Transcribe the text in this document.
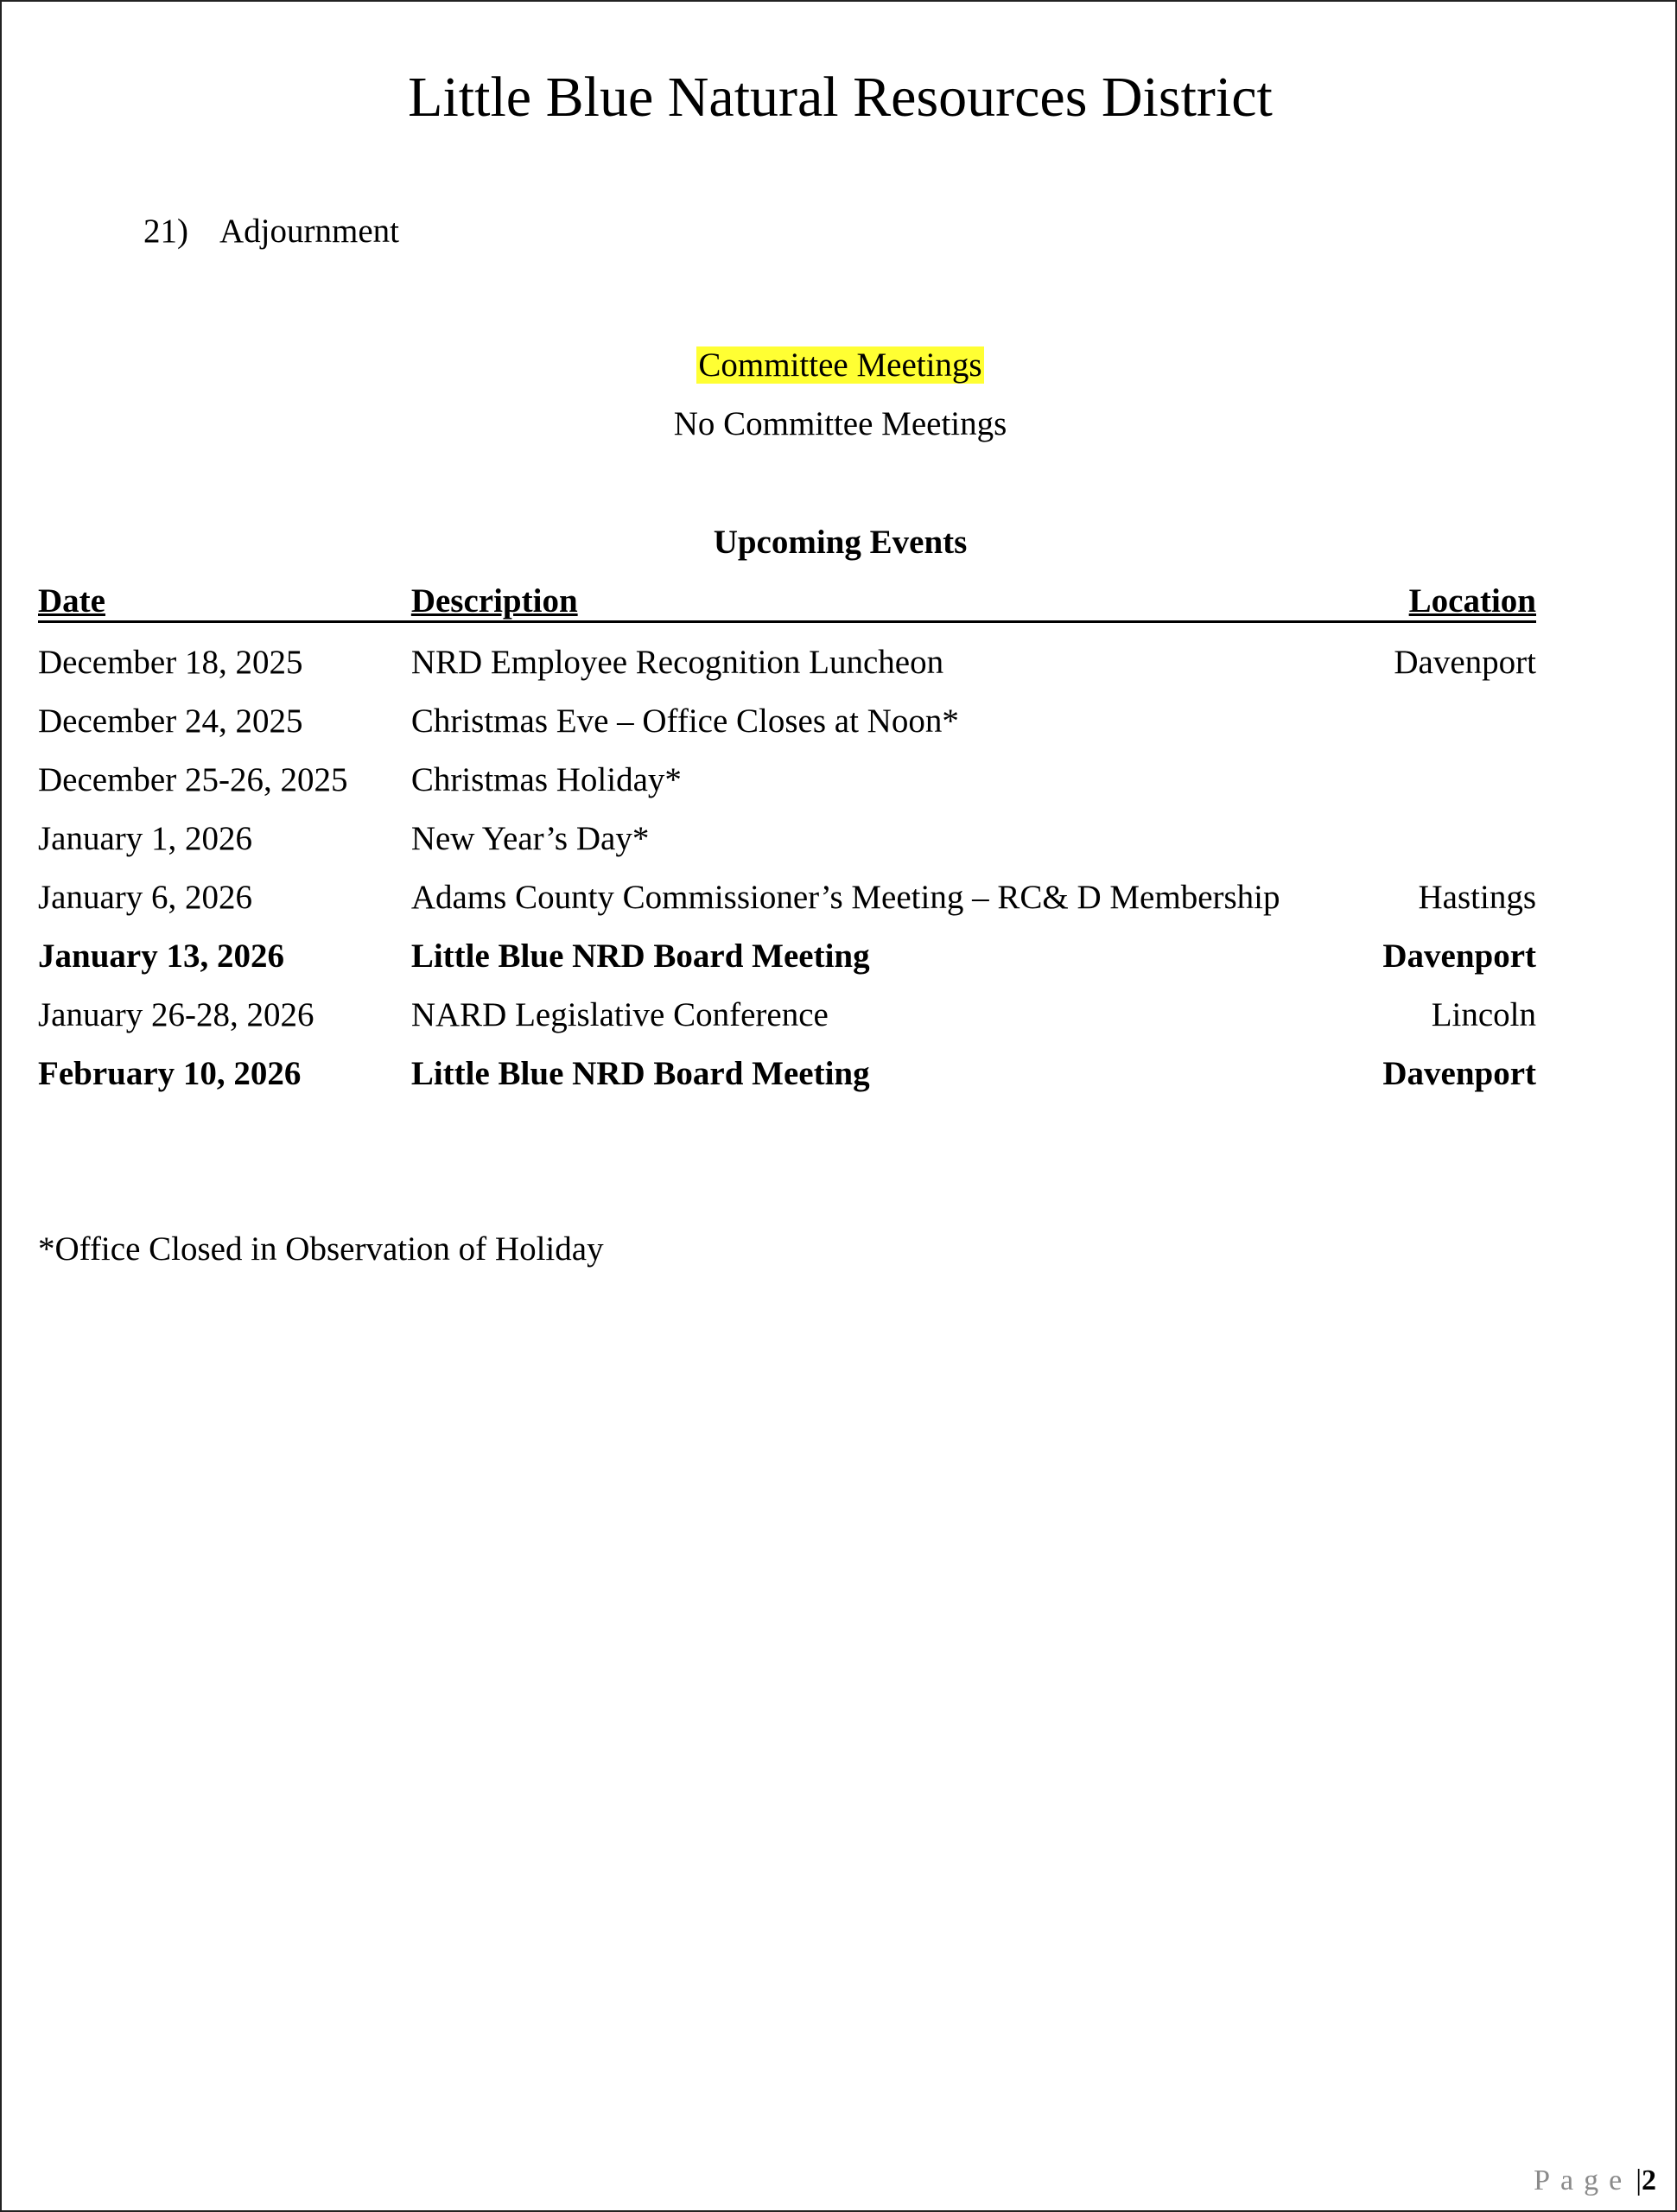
Little Blue Natural Resources District
21) Adjournment
Committee Meetings
No Committee Meetings
Upcoming Events
Date	Description	Location
December 18, 2025	NRD Employee Recognition Luncheon	Davenport
December 24, 2025	Christmas Eve – Office Closes at Noon*	
December 25-26, 2025	Christmas Holiday*	
January 1, 2026	New Year’s Day*	
January 6, 2026	Adams County Commissioner’s Meeting – RC& D Membership	Hastings
January 13, 2026	Little Blue NRD Board Meeting	Davenport
January 26-28, 2026	NARD Legislative Conference	Lincoln
February 10, 2026	Little Blue NRD Board Meeting	Davenport
*Office Closed in Observation of Holiday
Page |2
